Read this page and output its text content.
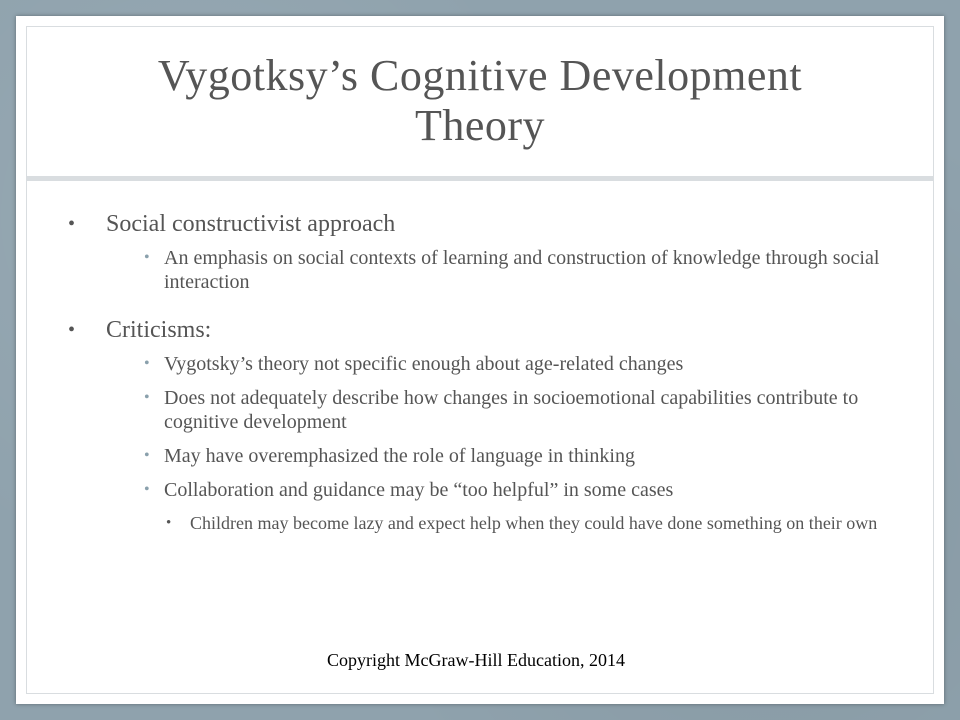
Vygotksy’s Cognitive Development Theory
• Social constructivist approach
• An emphasis on social contexts of learning and construction of knowledge through social interaction
• Criticisms:
• Vygotsky’s theory not specific enough about age-related changes
• Does not adequately describe how changes in socioemotional capabilities contribute to cognitive development
• May have overemphasized the role of language in thinking
• Collaboration and guidance may be “too helpful” in some cases
• Children may become lazy and expect help when they could have done something on their own
Copyright McGraw-Hill Education, 2014
